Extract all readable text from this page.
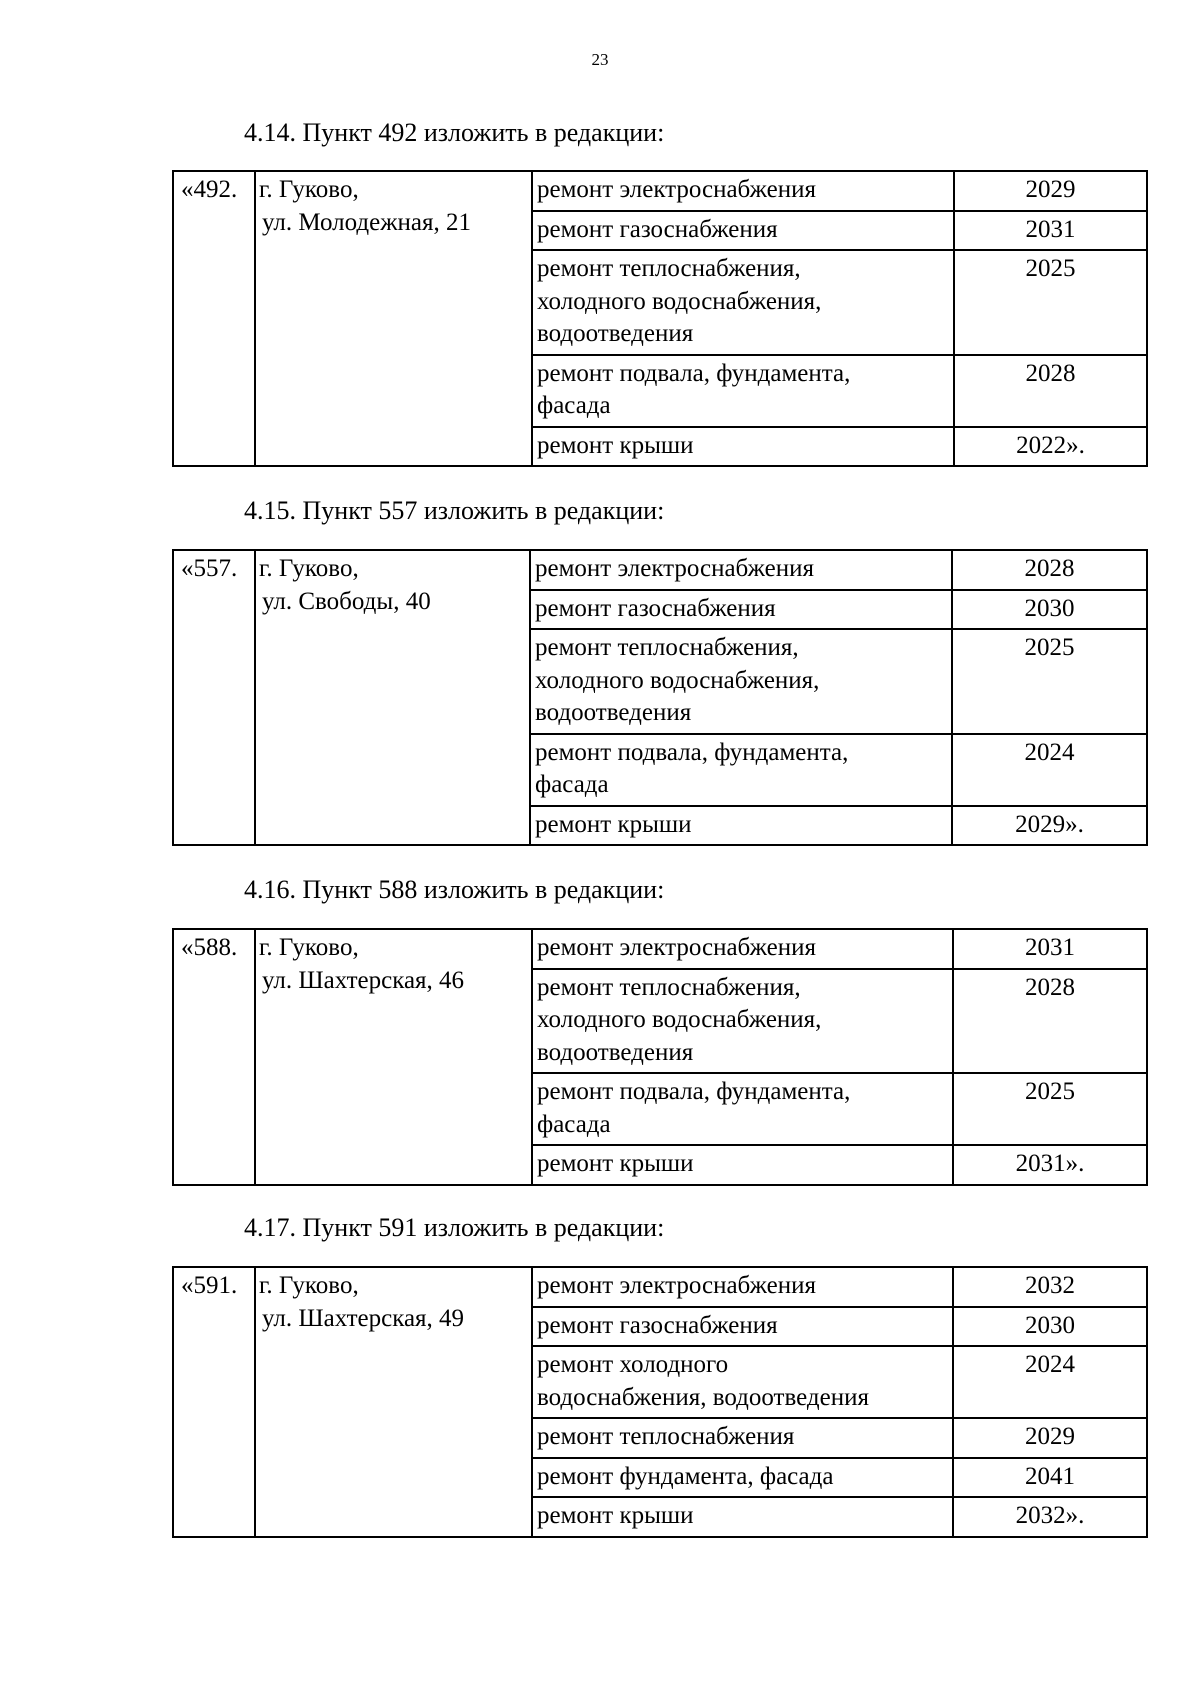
23
4.14. Пункт 492 изложить в редакции:
«492.	г. Гуково,
ул. Молодежная, 21	ремонт электроснабжения	2029
		ремонт газоснабжения	2031
		ремонт теплоснабжения,
холодного водоснабжения,
водоотведения	2025
		ремонт подвала, фундамента,
фасада	2028
		ремонт крыши	2022».
4.15. Пункт 557 изложить в редакции:
«557.	г. Гуково,
ул. Свободы, 40	ремонт электроснабжения	2028
		ремонт газоснабжения	2030
		ремонт теплоснабжения,
холодного водоснабжения,
водоотведения	2025
		ремонт подвала, фундамента,
фасада	2024
		ремонт крыши	2029».
4.16. Пункт 588 изложить в редакции:
«588.	г. Гуково,
ул. Шахтерская, 46	ремонт электроснабжения	2031
		ремонт теплоснабжения,
холодного водоснабжения,
водоотведения	2028
		ремонт подвала, фундамента,
фасада	2025
		ремонт крыши	2031».
4.17. Пункт 591 изложить в редакции:
«591.	г. Гуково,
ул. Шахтерская, 49	ремонт электроснабжения	2032
		ремонт газоснабжения	2030
		ремонт холодного
водоснабжения, водоотведения	2024
		ремонт теплоснабжения	2029
		ремонт фундамента, фасада	2041
		ремонт крыши	2032».
